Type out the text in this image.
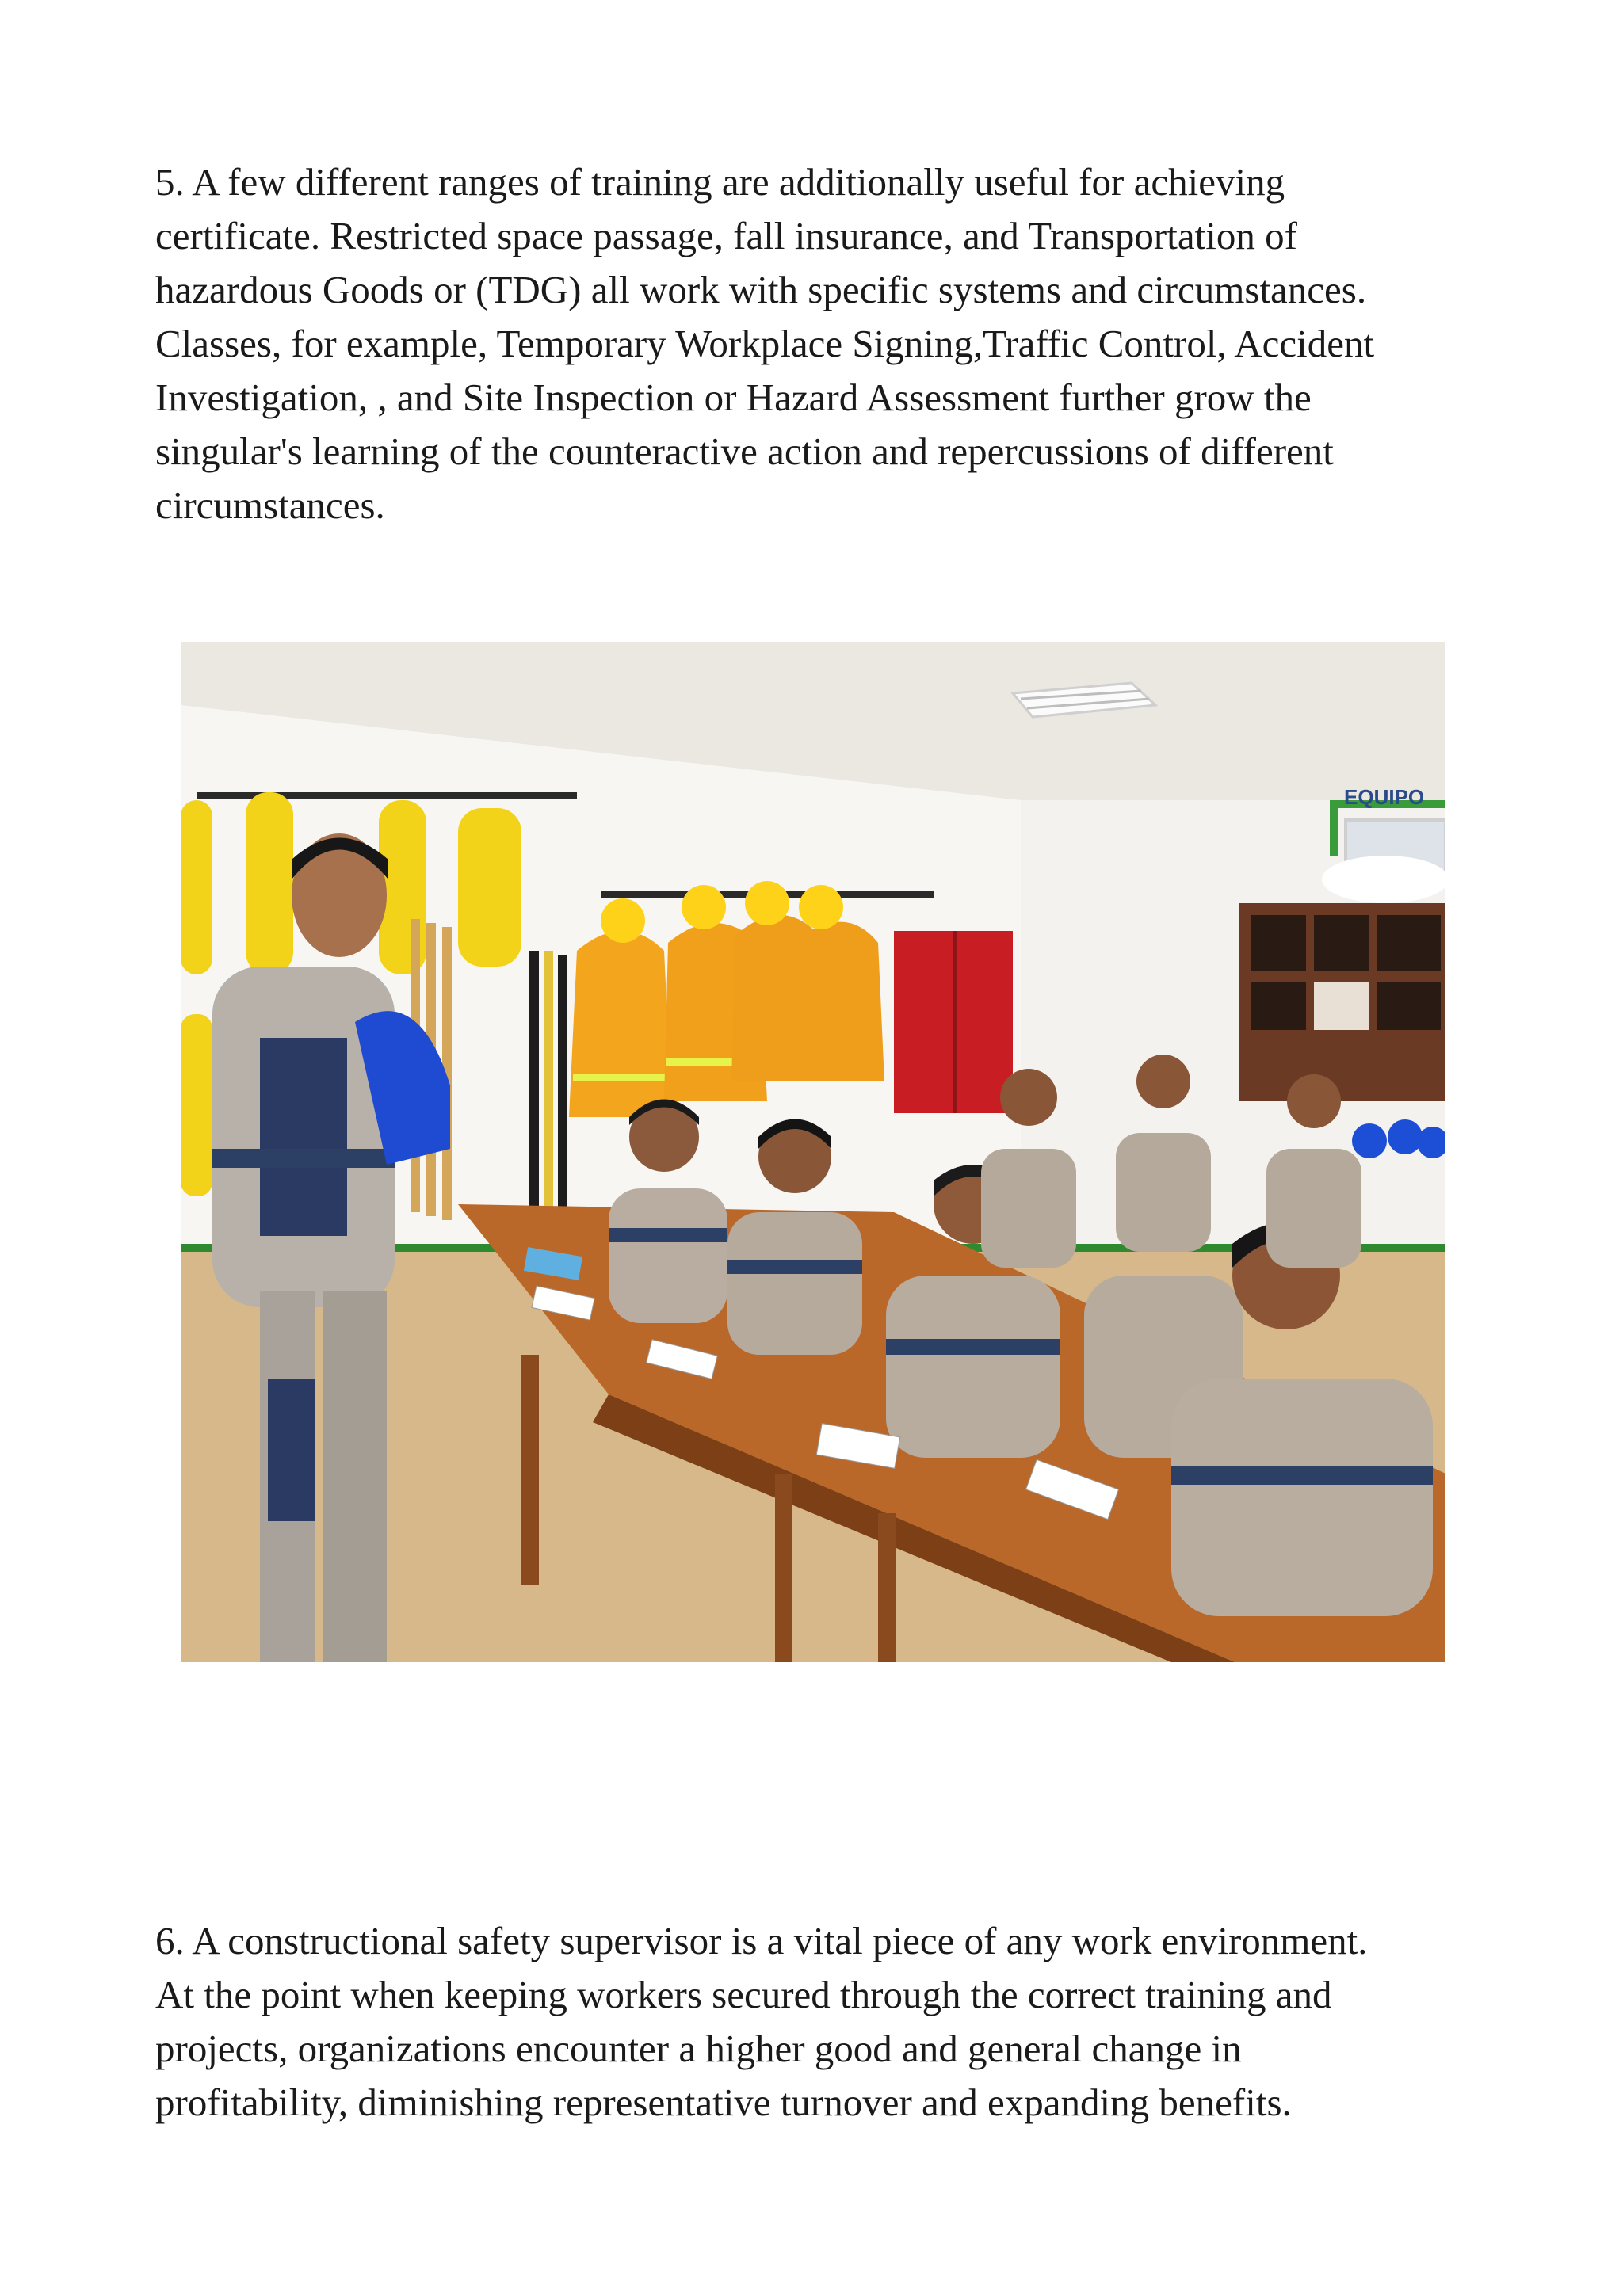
5. A few different ranges of training are additionally useful for achieving
certificate. Restricted space passage, fall insurance, and Transportation of
hazardous Goods or (TDG) all work with specific systems and circumstances.
Classes, for example, Temporary Workplace Signing,Traffic Control, Accident
Investigation, , and Site Inspection or Hazard Assessment further grow the
singular's learning of the counteractive action and repercussions of different
circumstances.

EQUIPO

6. A constructional safety supervisor is a vital piece of any work environment.
At the point when keeping workers secured through the correct training and
projects, organizations encounter a higher good and general change in
profitability, diminishing representative turnover and expanding benefits.
